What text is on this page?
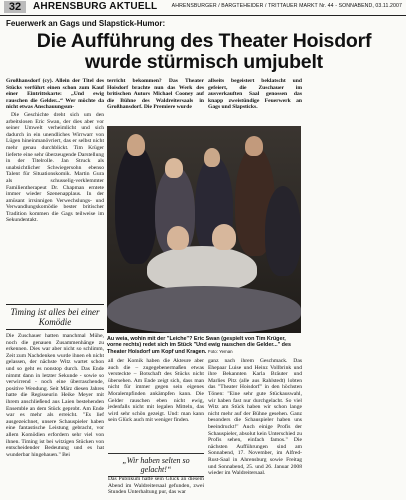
32	AHRENSBURG AKTUELL	AHRENSBURGER / BARGTEHEIDER / TRITTAUER MARKT Nr. 44 - SONNABEND, 03.11.2007
Feuerwerk an Gags und Slapstick-Humor:
Die Aufführung des Theater Hoisdorf
wurde stürmisch umjubelt

Großhansdorf (cy). Allein der Titel des Stücks verführt einen schon zum Kauf einer Eintrittskarte: „Und ewig rauschen die Gelder...“ Wer möchte da nicht etwas Anschauungsun-

Die Geschichte dreht sich um den arbeitslosen Eric Swan, der dies aber vor seiner Umwelt verheimlicht und sich dadurch in ein unendliches Wirrwarr von Lügen hineinmanövriert, das er selbst nicht mehr genau durchblickt. Tim Krüger lieferte eine sehr überzeugende Darstellung in der Titelrolle. Jan Struck als unabsichtlicher Schwiegersohn ebenso Talent für Situationskomik. Martin Gura als schusselig-verklemmter Familientherapeut Dr. Chapman erntete immer wieder Szenenapplaus. In der amüsant irrsinnigen Verwechslungs- und Verwandlungskomödie bester britischer Tradition kommen die Gags teilweise im Sekundentakt.

terricht bekommen? Das Theater Hoisdorf brachte nun das Werk des britischen Autors Michael Cooney auf die Bühne des Waldreitersaals in Großhansdorf. Die Premiere wurde

allseits begeistert beklatscht und gefeiert, die Zuschauer im ausverkauften Saal genossen das knapp zweistündige Feuerwerk an Gags und Slapsticks.

Au weia, wohin mit der "Leiche"? Eric Swan (gespielt von Tim Krüger, vorne rechts) redet sich im Stück "Und ewig rauschen die Gelder..." des Theater Hoisdorf um Kopf und Kragen. Foto: Yeman
Timing ist alles bei einer Komödie

Die Zuschauer hatten manchmal Mühe, noch die genauen Zusammenhänge zu erkennen. Dies war aber nicht so schlimm, Zeit zum Nachdenken wurde ihnen eh nicht gelassen, der nächste Witz wartet schon und so geht es nonstop durch. Das Ende nimmt dann in letzter Sekunde - sowie so verwirrend - noch eine überraschende, positive Wendung. Seit März diesen Jahres hatte die Regisseurin Heike Meyer mit ihrem anschließend aus Laien bestehenden Ensemble an dem Stück geprobt. Am Ende war es mehr als erreicht. "Es lief ausgezeichnet, unsere Schauspieler haben eine fantastische Leistung gebracht, vor allem Komödien erfordern sehr viel von ihnen. Timing ist bei witzigen Stücken von entscheidender Bedeutung und es hat wunderbar hingehauen." Bei

all der Komik haben die Akteure aber auch die – zugegebenermaßen etwas versteckte – Botschaft des Stücks nicht übersehen. Am Ende zeigt sich, dass man nicht für immer gegen sein eigenes Moralempfinden ankämpfen kann. Die Gelder rauschen eben nicht ewig, jedenfalls nicht mit legalen Mitteln, das wird sehr schön gezeigt. Und: man kann sein Glück auch mit weniger finden.

„Wir haben selten so gelacht!“

Das Publikum hatte sein Glück an diesem Abend im Waldreitersaal gefunden, zwei Stunden Unterhaltung pur, das war

ganz nach ihrem Geschmack. Das Ehepaar Luise und Heinz Vollbrink und ihre Bekannten Karla Bräuter und Marlies Pitz (alle aus Rahlstedt) lobten das "Theater Hoisdorf" in den höchsten Tönen: "Eine sehr gute Stückauswahl, wir haben fast nur durchgelacht. So viel Witz am Stück haben wir schon lange nicht mehr auf der Bühne gesehen. Ganz besonders die Schauspieler haben uns beeindruckt!" Auch einige Profis der Schauspieler, absolut kein Unterschied zu Profis sehen, einfach famos." Die nächsten Aufführungen sind am Sonnabend, 17. November, im Alfred-Rust-Saal in Ahrensburg sowie Freitag und Sonnabend, 25. und 26. Januar 2008 wieder im Waldreitersaal.
